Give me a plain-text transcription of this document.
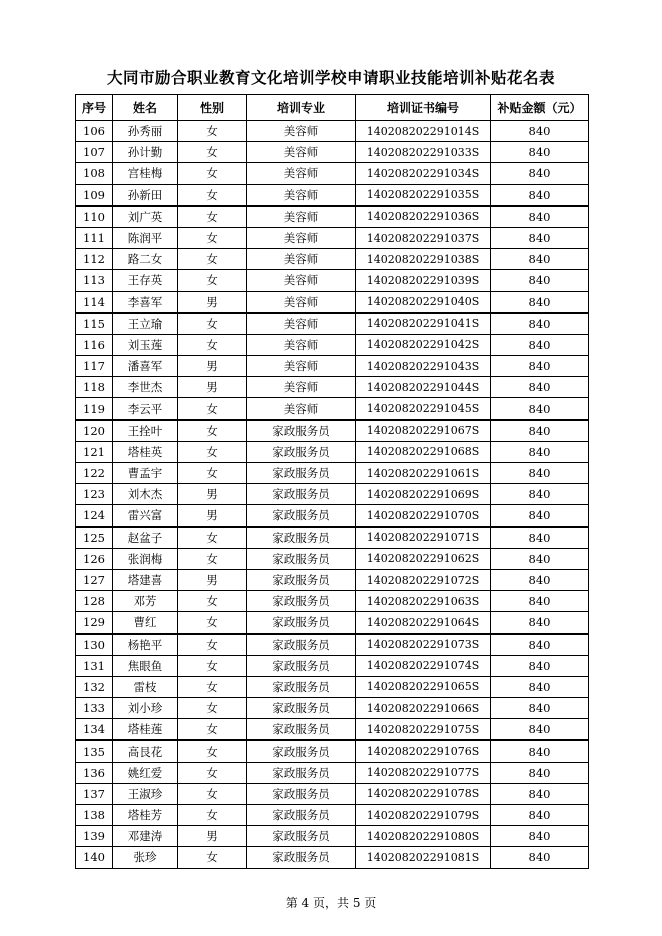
大同市励合职业教育文化培训学校申请职业技能培训补贴花名表
序号	姓名	性别	培训专业	培训证书编号	补贴金额（元）
106	孙秀丽	女	美容师	140208202291014S	840
107	孙计勤	女	美容师	140208202291033S	840
108	宫桂梅	女	美容师	140208202291034S	840
109	孙新田	女	美容师	140208202291035S	840
110	刘广英	女	美容师	140208202291036S	840
111	陈润平	女	美容师	140208202291037S	840
112	路二女	女	美容师	140208202291038S	840
113	王存英	女	美容师	140208202291039S	840
114	李喜军	男	美容师	140208202291040S	840
115	王立瑜	女	美容师	140208202291041S	840
116	刘玉莲	女	美容师	140208202291042S	840
117	潘喜军	男	美容师	140208202291043S	840
118	李世杰	男	美容师	140208202291044S	840
119	李云平	女	美容师	140208202291045S	840
120	王拴叶	女	家政服务员	140208202291067S	840
121	塔桂英	女	家政服务员	140208202291068S	840
122	曹孟宇	女	家政服务员	140208202291061S	840
123	刘木杰	男	家政服务员	140208202291069S	840
124	雷兴富	男	家政服务员	140208202291070S	840
125	赵盆子	女	家政服务员	140208202291071S	840
126	张润梅	女	家政服务员	140208202291062S	840
127	塔建喜	男	家政服务员	140208202291072S	840
128	邓芳	女	家政服务员	140208202291063S	840
129	曹红	女	家政服务员	140208202291064S	840
130	杨艳平	女	家政服务员	140208202291073S	840
131	焦眼鱼	女	家政服务员	140208202291074S	840
132	雷枝	女	家政服务员	140208202291065S	840
133	刘小珍	女	家政服务员	140208202291066S	840
134	塔桂莲	女	家政服务员	140208202291075S	840
135	高艮花	女	家政服务员	140208202291076S	840
136	姚红爱	女	家政服务员	140208202291077S	840
137	王淑珍	女	家政服务员	140208202291078S	840
138	塔桂芳	女	家政服务员	140208202291079S	840
139	邓建涛	男	家政服务员	140208202291080S	840
140	张珍	女	家政服务员	140208202291081S	840
第 4 页，共 5 页
